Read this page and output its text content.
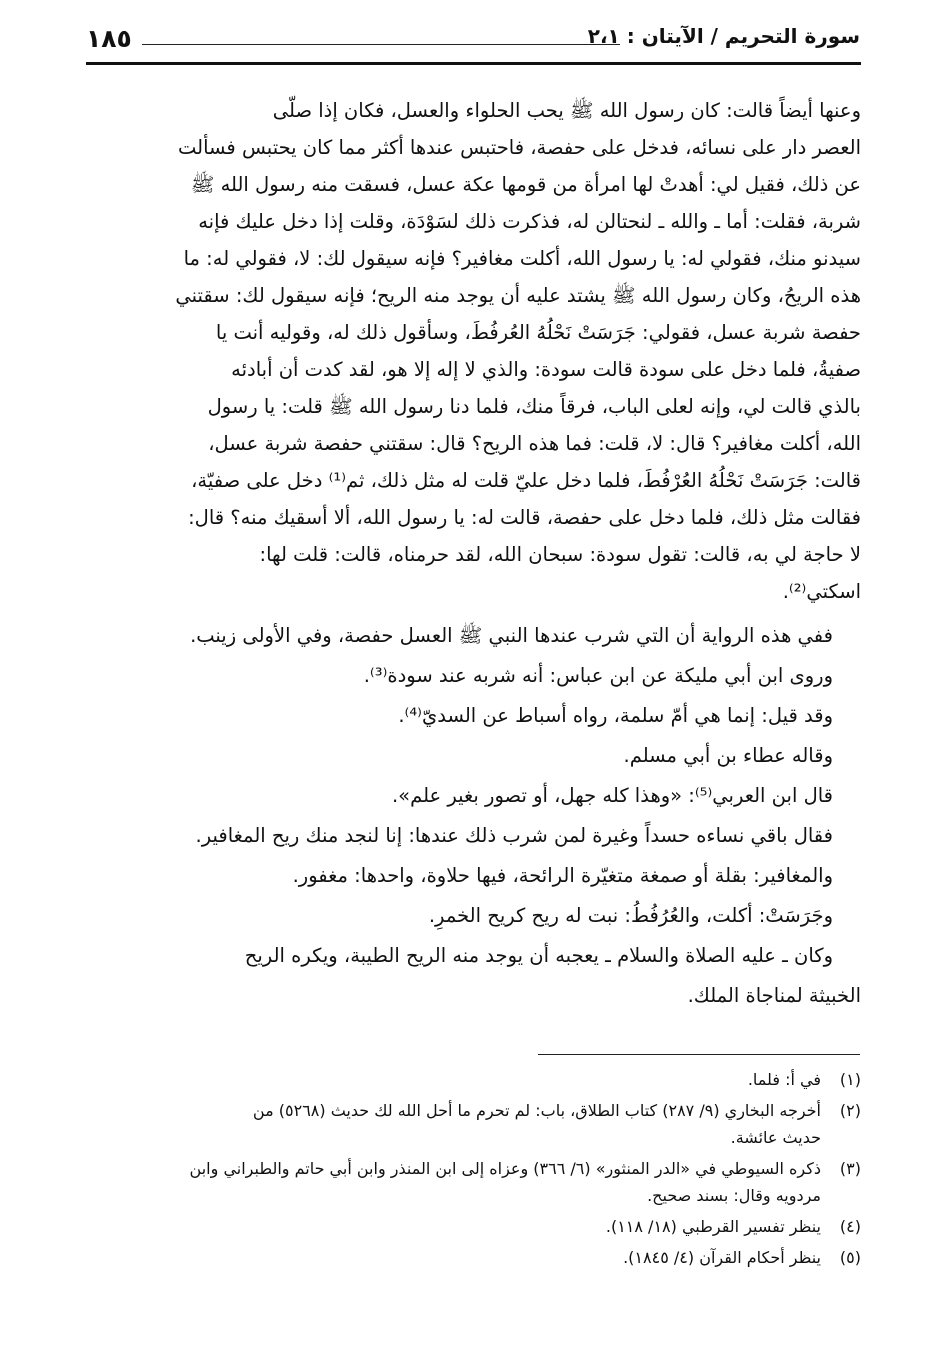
١٨٥	سورة التحريم / الآيتان : ٢،١
وعنها أيضاً قالت: كان رسول الله ﷺ يحب الحلواء والعسل، فكان إذا صلّى
العصر دار على نسائه، فدخل على حفصة، فاحتبس عندها أكثر مما كان يحتبس فسألت
عن ذلك، فقيل لي: أهدتْ لها امرأة من قومها عكة عسل، فسقت منه رسول الله ﷺ
شربة، فقلت: أما ـ والله ـ لنحتالن له، فذكرت ذلك لسَوْدَة، وقلت إذا دخل عليك فإنه
سيدنو منك، فقولي له: يا رسول الله، أكلت مغافير؟ فإنه سيقول لك: لا، فقولي له: ما
هذه الريحُ، وكان رسول الله ﷺ يشتد عليه أن يوجد منه الريح؛ فإنه سيقول لك: سقتني
حفصة شربة عسل، فقولي: جَرَسَتْ نَحْلُهُ العُرفُطَ، وسأقول ذلك له، وقوليه أنت يا
صفيةُ، فلما دخل على سودة قالت سودة: والذي لا إله إلا هو، لقد كدت أن أبادئه
بالذي قالت لي، وإنه لعلى الباب، فرقاً منك، فلما دنا رسول الله ﷺ قلت: يا رسول
الله، أكلت مغافير؟ قال: لا، قلت: فما هذه الريح؟ قال: سقتني حفصة شربة عسل،
قالت: جَرَسَتْ نَحْلُهُ العُرْفُطَ، فلما دخل عليّ قلت له مثل ذلك، ثم⁽¹⁾ دخل على صفيّة،
فقالت مثل ذلك، فلما دخل على حفصة، قالت له: يا رسول الله، ألا أسقيك منه؟ قال:
لا حاجة لي به، قالت: تقول سودة: سبحان الله، لقد حرمناه، قالت: قلت لها:
اسكتي⁽²⁾.
ففي هذه الرواية أن التي شرب عندها النبي ﷺ العسل حفصة، وفي الأولى زينب.
وروى ابن أبي مليكة عن ابن عباس: أنه شربه عند سودة⁽³⁾.
وقد قيل: إنما هي أمّ سلمة، رواه أسباط عن السديّ⁽⁴⁾.
وقاله عطاء بن أبي مسلم.
قال ابن العربي⁽⁵⁾: «وهذا كله جهل، أو تصور بغير علم».
فقال باقي نساءه حسداً وغيرة لمن شرب ذلك عندها: إنا لنجد منك ريح المغافير.
والمغافير: بقلة أو صمغة متغيّرة الرائحة، فيها حلاوة، واحدها: مغفور.
وجَرَسَتْ: أكلت، والعُرُفُطُ: نبت له ريح كريح الخمرِ.
وكان ـ عليه الصلاة والسلام ـ يعجبه أن يوجد منه الريح الطيبة، ويكره الريح
الخبيثة لمناجاة الملك.
(١)
في أ: فلما.
(٢)
أخرجه البخاري (٩/ ٢٨٧) كتاب الطلاق، باب: لم تحرم ما أحل الله لك حديث (٥٢٦٨) من
حديث عائشة.
(٣)
ذكره السيوطي في «الدر المنثور» (٦/ ٣٦٦) وعزاه إلى ابن المنذر وابن أبي حاتم والطبراني وابن
مردويه وقال: بسند صحيح.
(٤)
ينظر تفسير القرطبي (١٨/ ١١٨).
(٥)
ينظر أحكام القرآن (٤/ ١٨٤٥).
